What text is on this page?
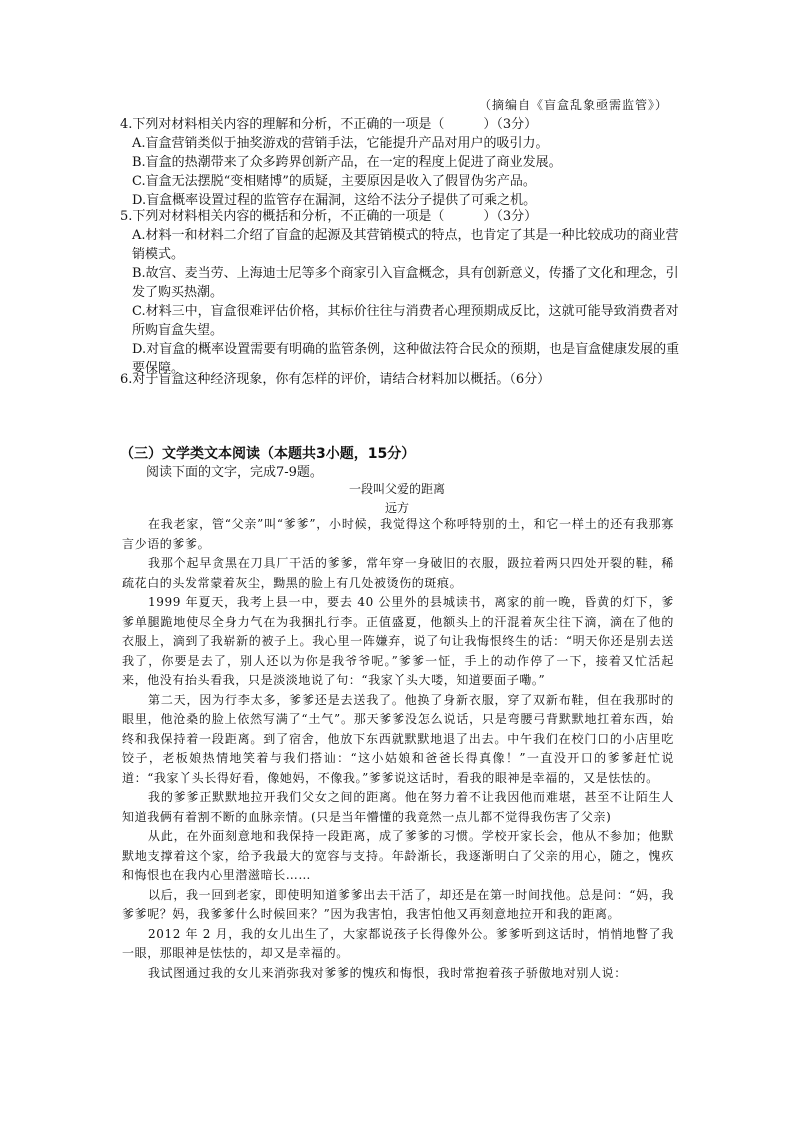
（摘编自《盲盒乱象亟需监管》）

4.下列对材料相关内容的理解和分析，不正确的一项是（　　　）（3分）

A.盲盒营销类似于抽奖游戏的营销手法，它能提升产品对用户的吸引力。

B.盲盒的热潮带来了众多跨界创新产品，在一定的程度上促进了商业发展。

C.盲盒无法摆脱“变相赌博”的质疑，主要原因是收入了假冒伪劣产品。

D.盲盒概率设置过程的监管存在漏洞，这给不法分子提供了可乘之机。

5.下列对材料相关内容的概括和分析，不正确的一项是（　　　）（3分）

A.材料一和材料二介绍了盲盒的起源及其营销模式的特点，也肯定了其是一种比较成功的商业营销模式。

B.故宫、麦当劳、上海迪士尼等多个商家引入盲盒概念，具有创新意义，传播了文化和理念，引发了购买热潮。

C.材料三中，盲盒很难评估价格，其标价往往与消费者心理预期成反比，这就可能导致消费者对所购盲盒失望。

D.对盲盒的概率设置需要有明确的监管条例，这种做法符合民众的预期，也是盲盒健康发展的重要保障。

6.对于盲盒这种经济现象，你有怎样的评价，请结合材料加以概括。（6分）

（三）文学类文本阅读（本题共3小题，15分）
阅读下面的文字，完成7-9题。
一段叫父爱的距离
远方

在我老家，管“父亲”叫“爹爹”，小时候，我觉得这个称呼特别的土，和它一样土的还有我那寡言少语的爹爹。

我那个起早贪黑在刀具厂干活的爹爹，常年穿一身破旧的衣服，趿拉着两只四处开裂的鞋，稀疏花白的头发常蒙着灰尘，黝黑的脸上有几处被烫伤的斑痕。

1999 年夏天，我考上县一中，要去 40 公里外的县城读书，离家的前一晚，昏黄的灯下，爹爹单腿跪地使尽全身力气在为我捆扎行李。正值盛夏，他额头上的汗混着灰尘往下滴，滴在了他的衣服上，滴到了我崭新的被子上。我心里一阵嫌弃，说了句让我悔恨终生的话：“明天你还是别去送我了，你要是去了，别人还以为你是我爷爷呢。”爹爹一怔，手上的动作停了一下，接着又忙活起来，他没有抬头看我，只是淡淡地说了句：“我家丫头大喽，知道要面子嘞。”

第二天，因为行李太多，爹爹还是去送我了。他换了身新衣服，穿了双新布鞋，但在我那时的眼里，他沧桑的脸上依然写满了“土气”。那天爹爹没怎么说话，只是弯腰弓背默默地扛着东西，始终和我保持着一段距离。到了宿舍，他放下东西就默默地退了出去。中午我们在校门口的小店里吃饺子，老板娘热情地笑着与我们搭讪：“这小姑娘和爸爸长得真像！”一直没开口的爹爹赶忙说道：“我家丫头长得好看，像她妈，不像我。”爹爹说这话时，看我的眼神是幸福的，又是怯怯的。

我的爹爹正默默地拉开我们父女之间的距离。他在努力着不让我因他而难堪，甚至不让陌生人知道我俩有着割不断的血脉亲情。(只是当年懵懂的我竟然一点儿都不觉得我伤害了父亲)

从此，在外面刻意地和我保持一段距离，成了爹爹的习惯。学校开家长会，他从不参加；他默默地支撑着这个家，给予我最大的宽容与支持。年龄渐长，我逐渐明白了父亲的用心，随之，愧疚和悔恨也在我内心里潜滋暗长……

以后，我一回到老家，即使明知道爹爹出去干活了，却还是在第一时间找他。总是问：“妈，我爹爹呢？妈，我爹爹什么时候回来？”因为我害怕，我害怕他又再刻意地拉开和我的距离。

2012 年 2 月，我的女儿出生了，大家都说孩子长得像外公。爹爹听到这话时，悄悄地瞥了我一眼，那眼神是怯怯的，却又是幸福的。

我试图通过我的女儿来消弥我对爹爹的愧疚和悔恨，我时常抱着孩子骄傲地对别人说：
